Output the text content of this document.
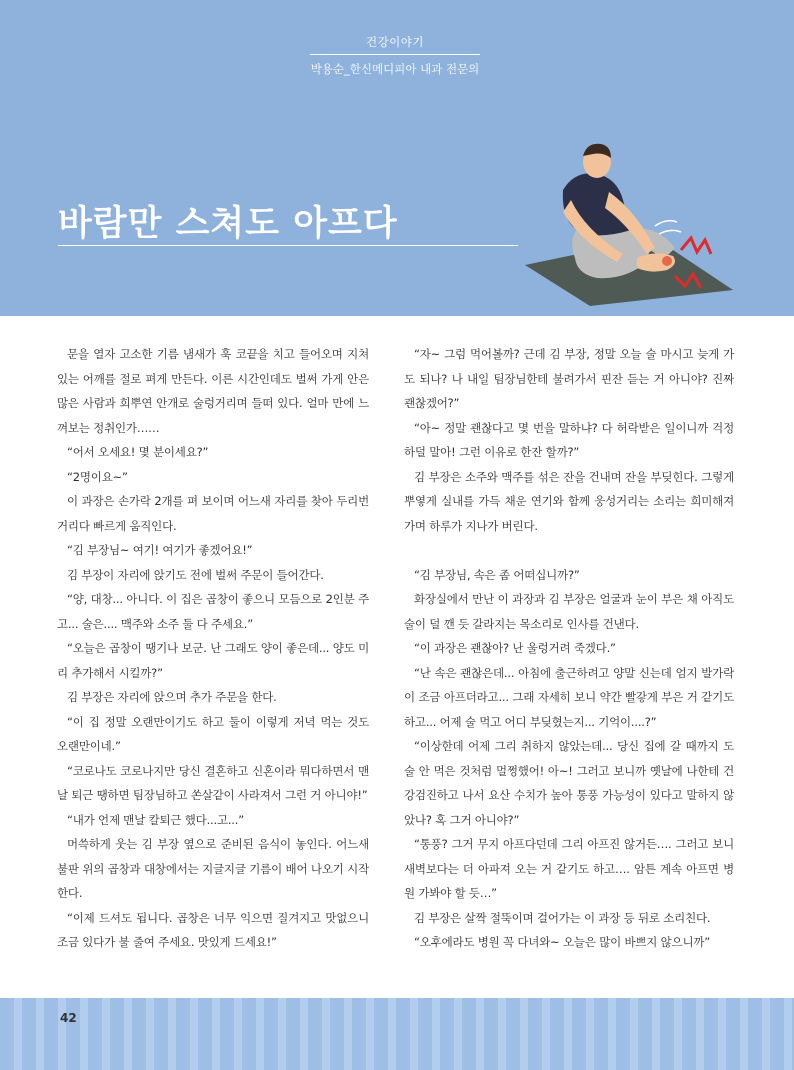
건강이야기
박용순_한신메디피아 내과 전문의
바람만 스쳐도 아프다

문을 열자 고소한 기름 냄새가 훅 코끝을 치고 들어오며 지쳐 있는 어깨를 절로 펴게 만든다. 이른 시간인데도 벌써 가게 안은 많은 사람과 희뿌연 안개로 술렁거리며 들떠 있다. 얼마 만에 느껴보는 정취인가……

“어서 오세요! 몇 분이세요?”

“2명이요~”

이 과장은 손가락 2개를 펴 보이며 어느새 자리를 찾아 두리번거리다 빠르게 움직인다.

“김 부장님~ 여기! 여기가 좋겠어요!”

김 부장이 자리에 앉기도 전에 벌써 주문이 들어간다.

“양, 대창... 아니다. 이 집은 곱창이 좋으니 모듬으로 2인분 주고... 술은.... 맥주와 소주 둘 다 주세요.”

“오늘은 곱창이 땡기나 보군. 난 그래도 양이 좋은데... 양도 미리 추가해서 시킬까?”

김 부장은 자리에 앉으며 추가 주문을 한다.

“이 집 정말 오랜만이기도 하고 둘이 이렇게 저녁 먹는 것도 오랜만이네.”

“코로나도 코로나지만 당신 결혼하고 신혼이라 뭐다하면서 맨날 퇴근 땡하면 팀장님하고 쏜살같이 사라져서 그런 거 아니야!”

“내가 언제 맨날 칼퇴근 했다...고...”

머쓱하게 웃는 김 부장 옆으로 준비된 음식이 놓인다. 어느새 불판 위의 곱창과 대창에서는 지글지글 기름이 배어 나오기 시작한다.

“이제 드셔도 됩니다. 곱창은 너무 익으면 질겨지고 맛없으니 조금 있다가 불 줄여 주세요. 맛있게 드세요!”

“자~ 그럼 먹어볼까? 근데 김 부장, 정말 오늘 술 마시고 늦게 가도 되나? 나 내일 팀장님한테 불려가서 핀잔 듣는 거 아니야? 진짜 괜찮겠어?”

“아~ 정말 괜찮다고 몇 번을 말하냐? 다 허락받은 일이니까 걱정 하덜 말아! 그런 이유로 한잔 할까?”

김 부장은 소주와 맥주를 섞은 잔을 건내며 잔을 부딪힌다. 그렇게 뿌옇게 실내를 가득 채운 연기와 함께 웅성거리는 소리는 희미해져 가며 하루가 지나가 버린다.

“김 부장님, 속은 좀 어떠십니까?”

화장실에서 만난 이 과장과 김 부장은 얼굴과 눈이 부은 채 아직도 술이 덜 깬 듯 갈라지는 목소리로 인사를 건낸다.

“이 과장은 괜찮아? 난 울렁거려 죽겠다.”

“난 속은 괜찮은데... 아침에 출근하려고 양말 신는데 엄지 발가락이 조금 아프더라고... 그래 자세히 보니 약간 빨갛게 부은 거 같기도 하고... 어제 술 먹고 어디 부딪혔는지... 기억이....?”

“이상한데 어제 그리 취하지 않았는데... 당신 집에 갈 때까지 도 술 안 먹은 것처럼 멀쩡했어! 아~! 그러고 보니까 옛날에 나한테 건강검진하고 나서 요산 수치가 높아 통풍 가능성이 있다고 말하지 않았나? 혹 그거 아니야?”

“통풍? 그거 무지 아프다던데 그리 아프진 않거든…. 그러고 보니 새벽보다는 더 아파져 오는 거 같기도 하고…. 암튼 계속 아프면 병원 가봐야 할 듯…”

김 부장은 살짝 절뚝이며 걸어가는 이 과장 등 뒤로 소리친다.

“오후에라도 병원 꼭 다녀와~ 오늘은 많이 바쁘지 않으니까”

42
